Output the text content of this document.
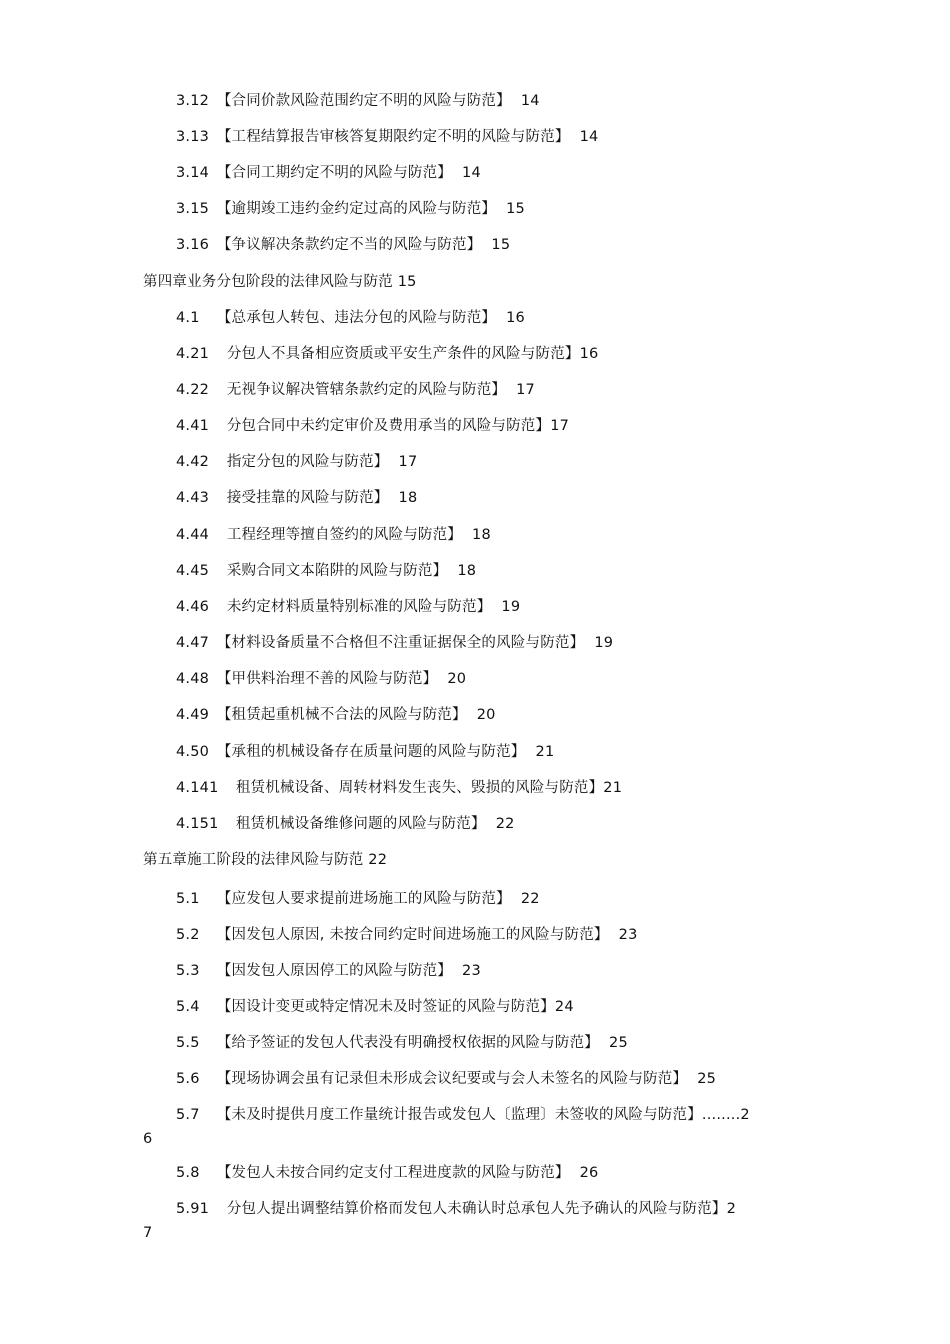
3.12 【合同价款风险范围约定不明的风险与防范】 14
3.13 【工程结算报告审核答复期限约定不明的风险与防范】 14
3.14 【合同工期约定不明的风险与防范】 14
3.15 【逾期竣工违约金约定过高的风险与防范】 15
3.16 【争议解决条款约定不当的风险与防范】 15
第四章业务分包阶段的法律风险与防范 15
4.1 【总承包人转包、违法分包的风险与防范】 16
4.21 分包人不具备相应资质或平安生产条件的风险与防范】16
4.22 无视争议解决管辖条款约定的风险与防范】 17
4.41 分包合同中未约定审价及费用承当的风险与防范】17
4.42 指定分包的风险与防范】 17
4.43 接受挂靠的风险与防范】 18
4.44 工程经理等擅自签约的风险与防范】 18
4.45 采购合同文本陷阱的风险与防范】 18
4.46 未约定材料质量特别标准的风险与防范】 19
4.47 【材料设备质量不合格但不注重证据保全的风险与防范】 19
4.48 【甲供料治理不善的风险与防范】 20
4.49 【租赁起重机械不合法的风险与防范】 20
4.50 【承租的机械设备存在质量问题的风险与防范】 21
4.141 租赁机械设备、周转材料发生丧失、毁损的风险与防范】21
4.151 租赁机械设备维修问题的风险与防范】 22
第五章施工阶段的法律风险与防范 22
5.1 【应发包人要求提前进场施工的风险与防范】 22
5.2 【因发包人原因, 未按合同约定时间进场施工的风险与防范】 23
5.3 【因发包人原因停工的风险与防范】 23
5.4 【因设计变更或特定情况未及时签证的风险与防范】24
5.5 【给予签证的发包人代表没有明确授权依据的风险与防范】 25
5.6 【现场协调会虽有记录但未形成会议纪要或与会人未签名的风险与防范】 25
5.7 【未及时提供月度工作量统计报告或发包人〔监理〕未签收的风险与防范】........2
6
5.8 【发包人未按合同约定支付工程进度款的风险与防范】 26
5.91 分包人提出调整结算价格而发包人未确认时总承包人先予确认的风险与防范】2
7
